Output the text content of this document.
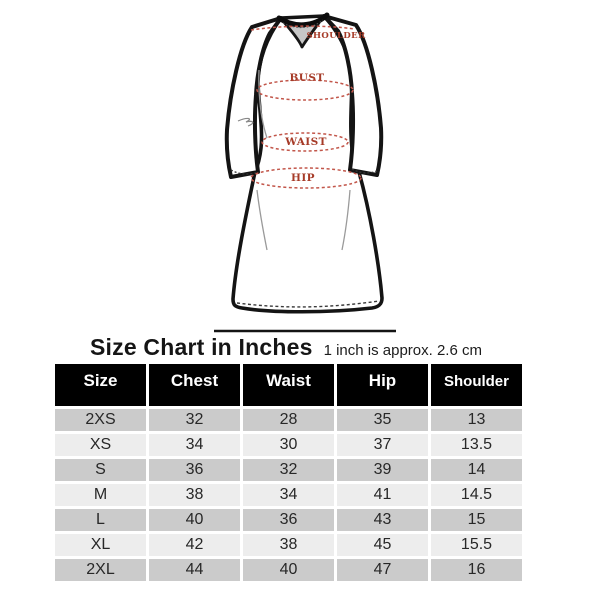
SHOULDER
BUST
WAIST
HIP
Size Chart in Inches 1 inch is approx. 2.6 cm
Size	Chest	Waist	Hip	Shoulder
2XS	32	28	35	13
XS	34	30	37	13.5
S	36	32	39	14
M	38	34	41	14.5
L	40	36	43	15
XL	42	38	45	15.5
2XL	44	40	47	16
